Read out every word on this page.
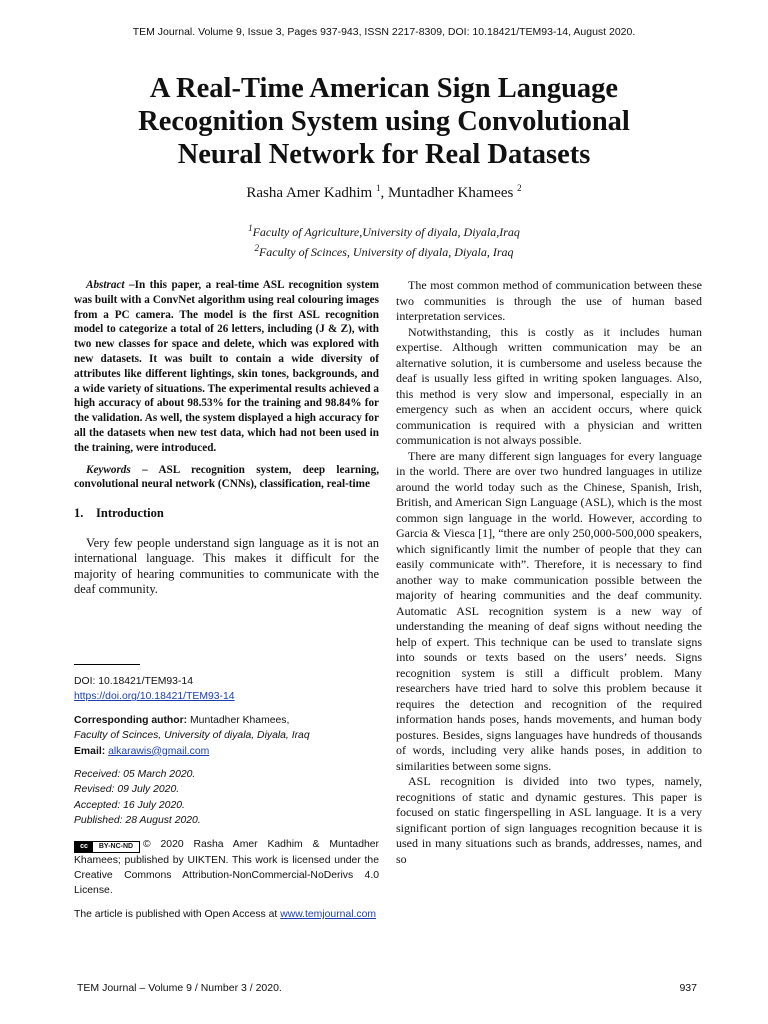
TEM Journal. Volume 9, Issue 3, Pages 937-943, ISSN 2217-8309, DOI: 10.18421/TEM93-14, August 2020.
A Real-Time American Sign Language
Recognition System using Convolutional
Neural Network for Real Datasets
Rasha Amer Kadhim $^1$, Muntadher Khamees $^2$
$^1$Faculty of Agriculture,University of diyala, Diyala,Iraq
$^2$Faculty of Scinces, University of diyala, Diyala, Iraq

Abstract –In this paper, a real-time ASL recognition system was built with a ConvNet algorithm using real colouring images from a PC camera. The model is the first ASL recognition model to categorize a total of 26 letters, including (J & Z), with two new classes for space and delete, which was explored with new datasets. It was built to contain a wide diversity of attributes like different lightings, skin tones, backgrounds, and a wide variety of situations. The experimental results achieved a high accuracy of about 98.53% for the training and 98.84% for the validation. As well, the system displayed a high accuracy for all the datasets when new test data, which had not been used in the training, were introduced.

Keywords – ASL recognition system, deep learning, convolutional neural network (CNNs), classification, real-time

1. Introduction

Very few people understand sign language as it is not an international language. This makes it difficult for the majority of hearing communities to communicate with the deaf community.

DOI: 10.18421/TEM93-14

https://doi.org/10.18421/TEM93-14

Corresponding author: Muntadher Khamees,

Faculty of Scinces, University of diyala, Diyala, Iraq

Email: alkarawis@gmail.com

Received: 05 March 2020.

Revised: 09 July 2020.

Accepted: 16 July 2020.

Published: 28 August 2020.

cc	BY-NC-ND © 2020 Rasha Amer Kadhim & Muntadher Khamees; published by UIKTEN. This work is licensed under the Creative Commons Attribution-NonCommercial-NoDerivs 4.0 License.

The article is published with Open Access at www.temjournal.com

The most common method of communication between these two communities is through the use of human based interpretation services.

Notwithstanding, this is costly as it includes human expertise. Although written communication may be an alternative solution, it is cumbersome and useless because the deaf is usually less gifted in writing spoken languages. Also, this method is very slow and impersonal, especially in an emergency such as when an accident occurs, where quick communication is required with a physician and written communication is not always possible.

There are many different sign languages for every language in the world. There are over two hundred languages in utilize around the world today such as the Chinese, Spanish, Irish, British, and American Sign Language (ASL), which is the most common sign language in the world. However, according to Garcia & Viesca [1], “there are only 250,000-500,000 speakers, which significantly limit the number of people that they can easily communicate with”. Therefore, it is necessary to find another way to make communication possible between the majority of hearing communities and the deaf community. Automatic ASL recognition system is a new way of understanding the meaning of deaf signs without needing the help of expert. This technique can be used to translate signs into sounds or texts based on the users’ needs. Signs recognition system is still a difficult problem. Many researchers have tried hard to solve this problem because it requires the detection and recognition of the required information hands poses, hands movements, and human body postures. Besides, signs languages have hundreds of thousands of words, including very alike hands poses, in addition to similarities between some signs.

ASL recognition is divided into two types, namely, recognitions of static and dynamic gestures. This paper is focused on static fingerspelling in ASL language. It is a very significant portion of sign languages recognition because it is used in many situations such as brands, addresses, names, and so

TEM Journal – Volume 9 / Number 3 / 2020.	937
